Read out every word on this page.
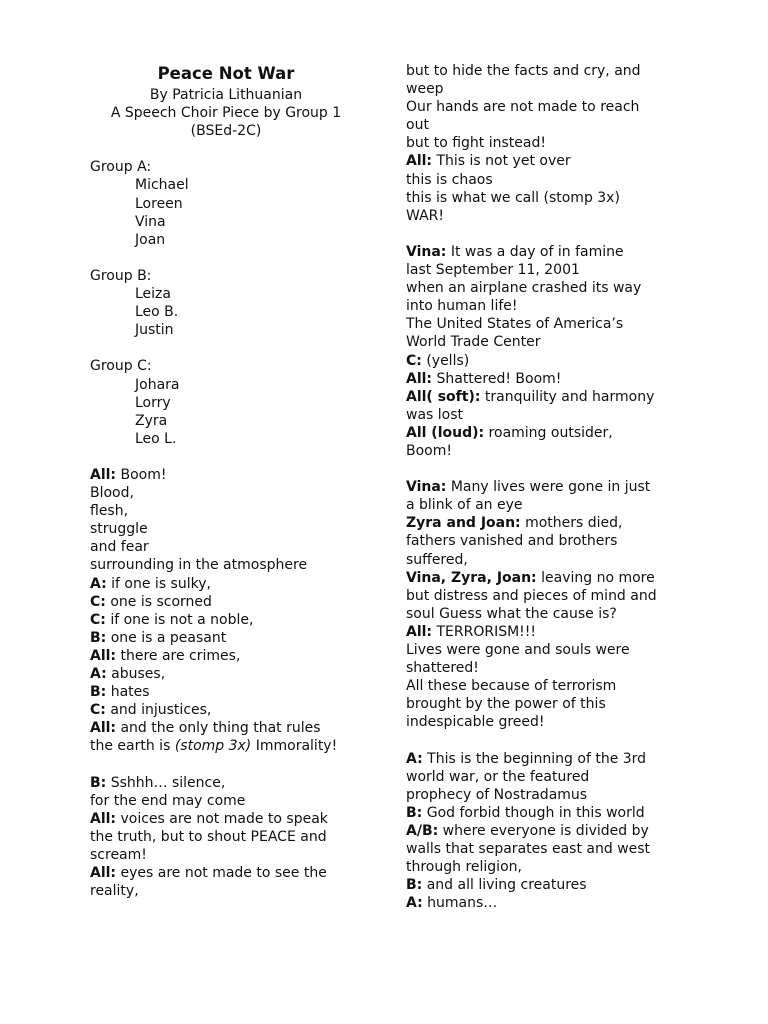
Peace Not War
By Patricia Lithuanian
A Speech Choir Piece by Group 1
(BSEd-2C)
Group A:
Michael
Loreen
Vina
Joan
Group B:
Leiza
Leo B.
Justin
Group C:
Johara
Lorry
Zyra
Leo L.
All: Boom!
Blood,
flesh,
struggle
and fear
surrounding in the atmosphere
A: if one is sulky,
C: one is scorned
C: if one is not a noble,
B: one is a peasant
All: there are crimes,
A: abuses,
B: hates
C: and injustices,
All: and the only thing that rules
the earth is (stomp 3x) Immorality!
B: Sshhh… silence,
for the end may come
All: voices are not made to speak
the truth, but to shout PEACE and
scream!
All: eyes are not made to see the
reality,
but to hide the facts and cry, and
weep
Our hands are not made to reach
out
but to fight instead!
All: This is not yet over
this is chaos
this is what we call (stomp 3x)
WAR!
Vina: It was a day of in famine
last September 11, 2001
when an airplane crashed its way
into human life!
The United States of America’s
World Trade Center
C: (yells)
All: Shattered! Boom!
All( soft): tranquility and harmony
was lost
All (loud): roaming outsider,
Boom!
Vina: Many lives were gone in just
a blink of an eye
Zyra and Joan: mothers died,
fathers vanished and brothers
suffered,
Vina, Zyra, Joan: leaving no more
but distress and pieces of mind and
soul Guess what the cause is?
All: TERRORISM!!!
Lives were gone and souls were
shattered!
All these because of terrorism
brought by the power of this
indespicable greed!
A: This is the beginning of the 3rd
world war, or the featured
prophecy of Nostradamus
B: God forbid though in this world
A/B: where everyone is divided by
walls that separates east and west
through religion,
B: and all living creatures
A: humans…
